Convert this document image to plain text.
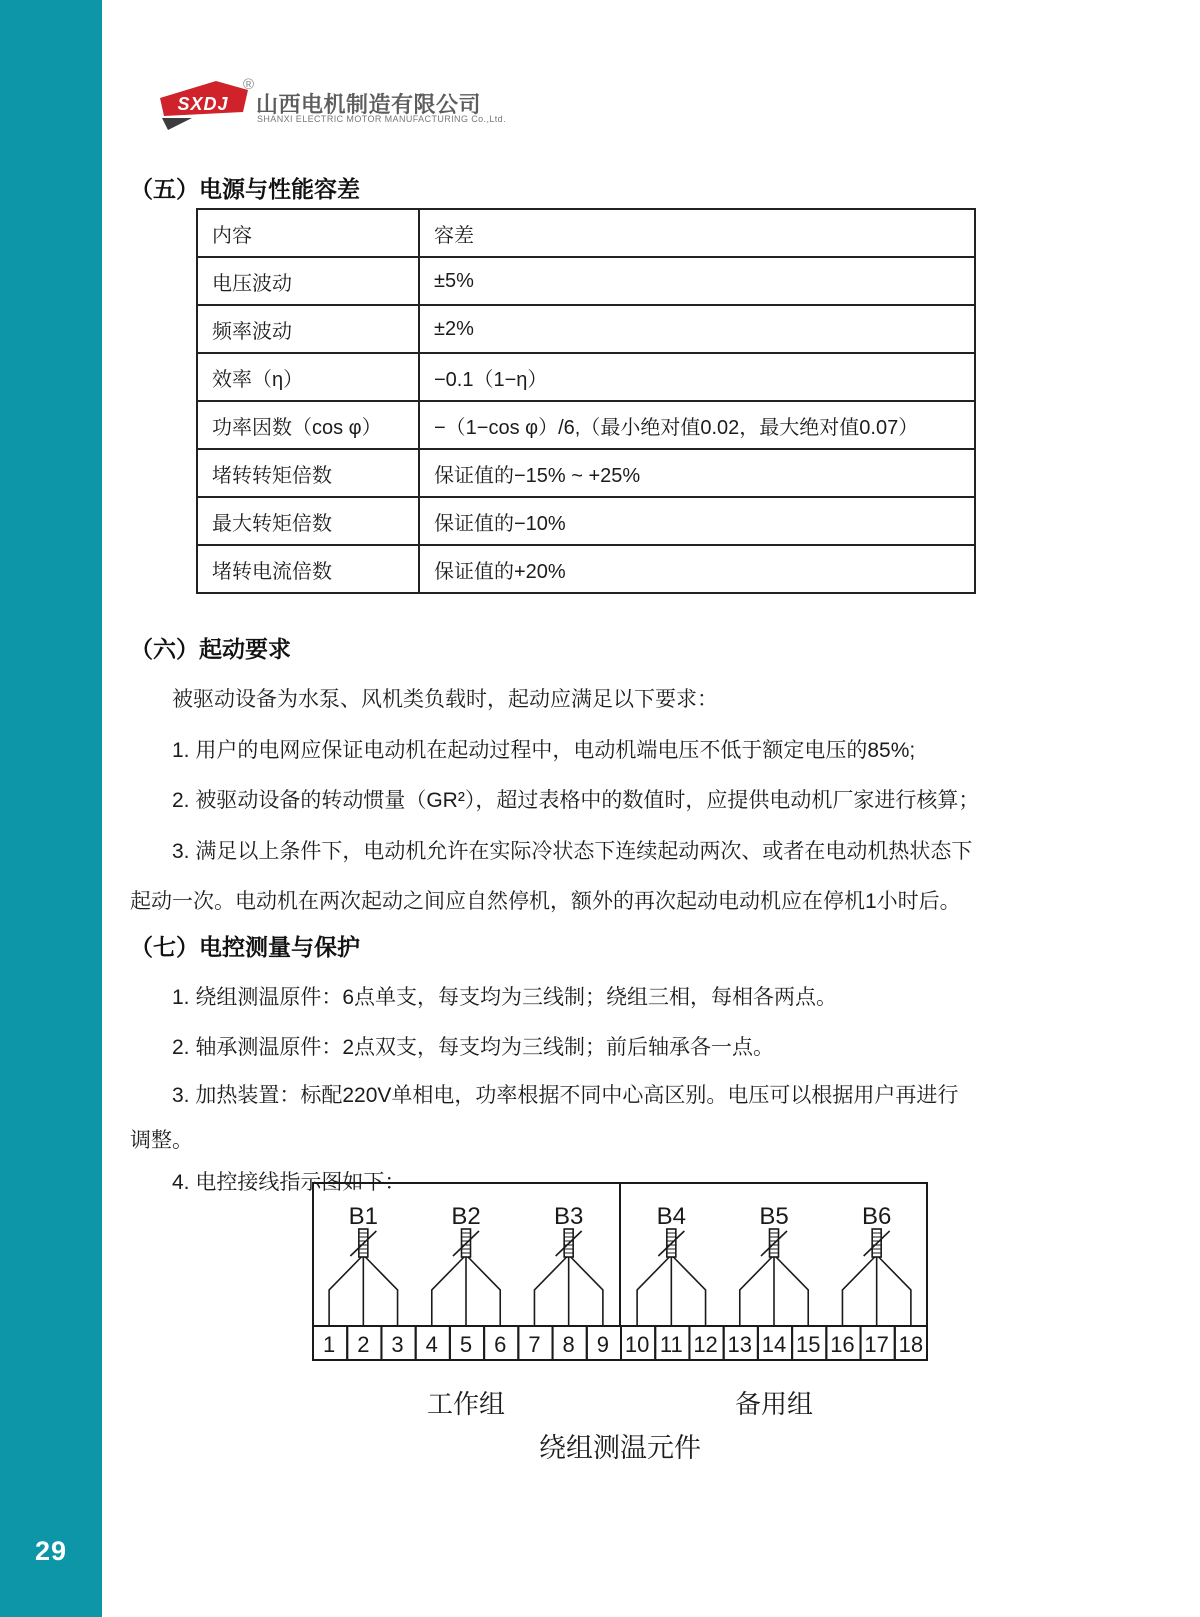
29
SXDJ
®
山西电机制造有限公司
SHANXI ELECTRIC MOTOR MANUFACTURING Co.,Ltd.
（五）电源与性能容差
内容	容差
电压波动	±5%
频率波动	±2%
效率（η）	−0.1（1−η）
功率因数（cos φ）	−（1−cos φ）/6,（最小绝对值0.02，最大绝对值0.07）
堵转转矩倍数	保证值的−15% ~ +25%
最大转矩倍数	保证值的−10%
堵转电流倍数	保证值的+20%
（六）起动要求

被驱动设备为水泵、风机类负载时，起动应满足以下要求：

1. 用户的电网应保证电动机在起动过程中，电动机端电压不低于额定电压的85%;

2. 被驱动设备的转动惯量（GR²），超过表格中的数值时，应提供电动机厂家进行核算；

3. 满足以上条件下，电动机允许在实际冷状态下连续起动两次、或者在电动机热状态下

起动一次。电动机在两次起动之间应自然停机，额外的再次起动电动机应在停机1小时后。

（七）电控测量与保护

1. 绕组测温原件：6点单支，每支均为三线制；绕组三相，每相各两点。

2. 轴承测温原件：2点双支，每支均为三线制；前后轴承各一点。

3. 加热装置：标配220V单相电，功率根据不同中心高区别。电压可以根据用户再进行

调整。

4. 电控接线指示图如下：

1 2 3 4 5 6 7 8 9 10 11 12 13 14 15 16 17 18
B1	B2	B3	B4	B5	B6
工作组	备用组
绕组测温元件
